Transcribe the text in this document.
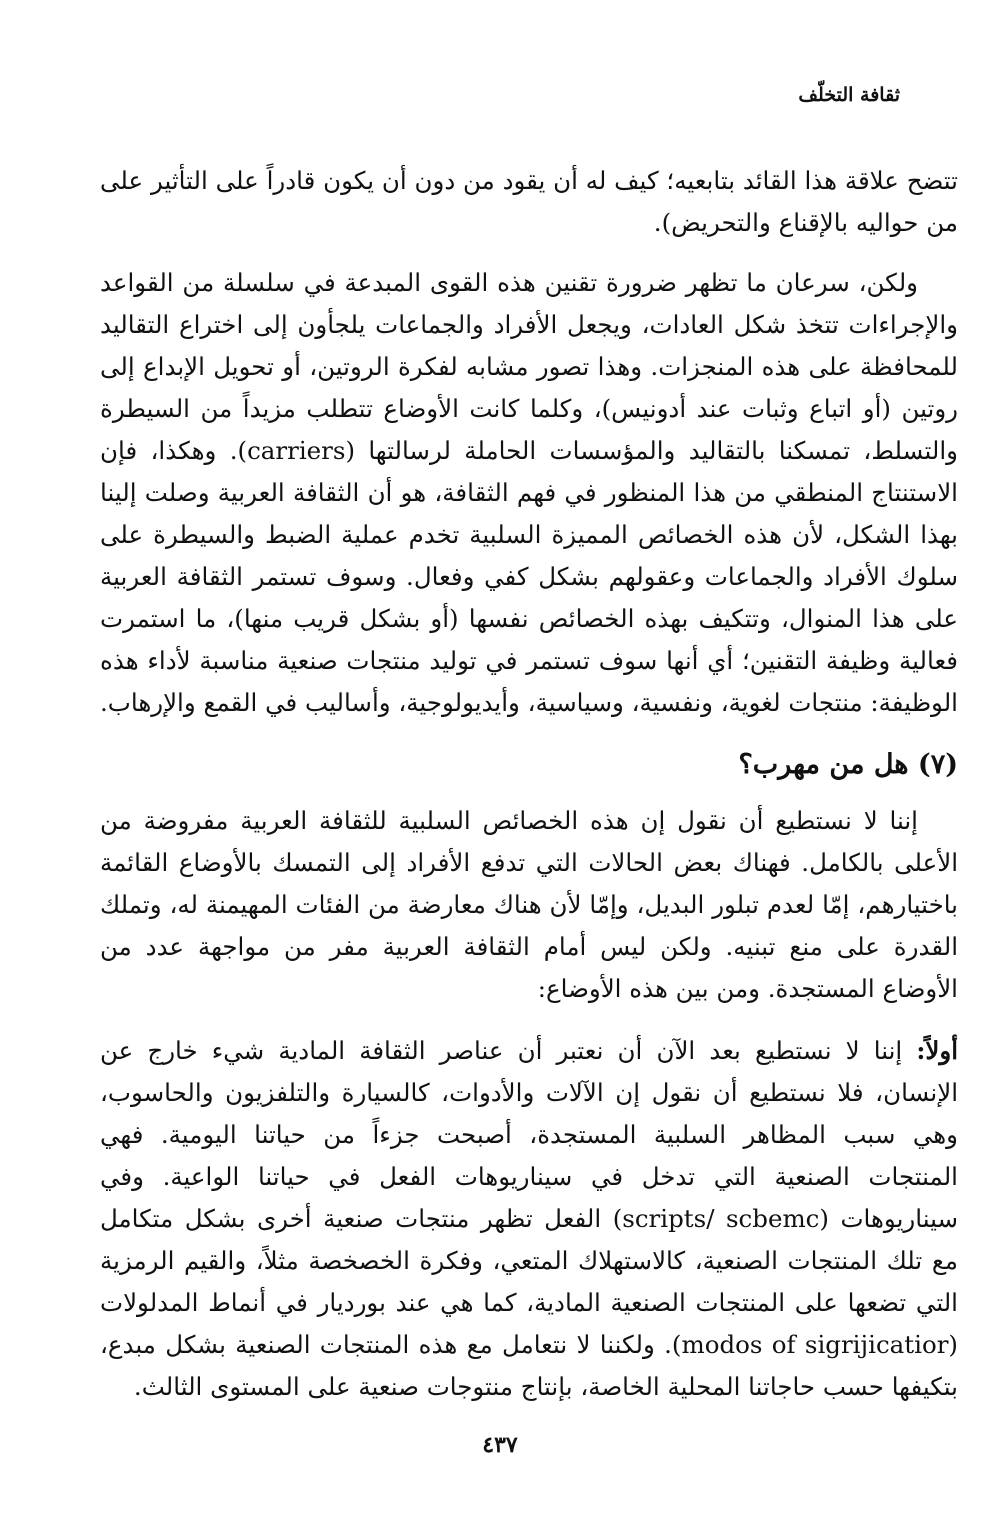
ثقافة التخلّف

تتضح علاقة هذا القائد بتابعيه؛ كيف له أن يقود من دون أن يكون قادراً على التأثير على من حواليه بالإقناع والتحريض).

ولكن، سرعان ما تظهر ضرورة تقنين هذه القوى المبدعة في سلسلة من القواعد والإجراءات تتخذ شكل العادات، ويجعل الأفراد والجماعات يلجأون إلى اختراع التقاليد للمحافظة على هذه المنجزات. وهذا تصور مشابه لفكرة الروتين، أو تحويل الإبداع إلى روتين (أو اتباع وثبات عند أدونيس)، وكلما كانت الأوضاع تتطلب مزيداً من السيطرة والتسلط، تمسكنا بالتقاليد والمؤسسات الحاملة لرسالتها (carriers). وهكذا، فإن الاستنتاج المنطقي من هذا المنظور في فهم الثقافة، هو أن الثقافة العربية وصلت إلينا بهذا الشكل، لأن هذه الخصائص المميزة السلبية تخدم عملية الضبط والسيطرة على سلوك الأفراد والجماعات وعقولهم بشكل كفي وفعال. وسوف تستمر الثقافة العربية على هذا المنوال، وتتكيف بهذه الخصائص نفسها (أو بشكل قريب منها)، ما استمرت فعالية وظيفة التقنين؛ أي أنها سوف تستمر في توليد منتجات صنعية مناسبة لأداء هذه الوظيفة: منتجات لغوية، ونفسية، وسياسية، وأيديولوجية، وأساليب في القمع والإرهاب.

(٧) هل من مهرب؟

إننا لا نستطيع أن نقول إن هذه الخصائص السلبية للثقافة العربية مفروضة من الأعلى بالكامل. فهناك بعض الحالات التي تدفع الأفراد إلى التمسك بالأوضاع القائمة باختيارهم، إمّا لعدم تبلور البديل، وإمّا لأن هناك معارضة من الفئات المهيمنة له، وتملك القدرة على منع تبنيه. ولكن ليس أمام الثقافة العربية مفر من مواجهة عدد من الأوضاع المستجدة. ومن بين هذه الأوضاع:

أولاً: إننا لا نستطيع بعد الآن أن نعتبر أن عناصر الثقافة المادية شيء خارج عن الإنسان، فلا نستطيع أن نقول إن الآلات والأدوات، كالسيارة والتلفزيون والحاسوب، وهي سبب المظاهر السلبية المستجدة، أصبحت جزءاً من حياتنا اليومية. فهي المنتجات الصنعية التي تدخل في سيناريوهات الفعل في حياتنا الواعية. وفي سيناريوهات (scripts/ scbemc) الفعل تظهر منتجات صنعية أخرى بشكل متكامل مع تلك المنتجات الصنعية، كالاستهلاك المتعي، وفكرة الخصخصة مثلاً، والقيم الرمزية التي تضعها على المنتجات الصنعية المادية، كما هي عند بورديار في أنماط المدلولات (modos of sigrijicatior). ولكننا لا نتعامل مع هذه المنتجات الصنعية بشكل مبدع، بتكيفها حسب حاجاتنا المحلية الخاصة، بإنتاج منتوجات صنعية على المستوى الثالث.

٤٣٧
